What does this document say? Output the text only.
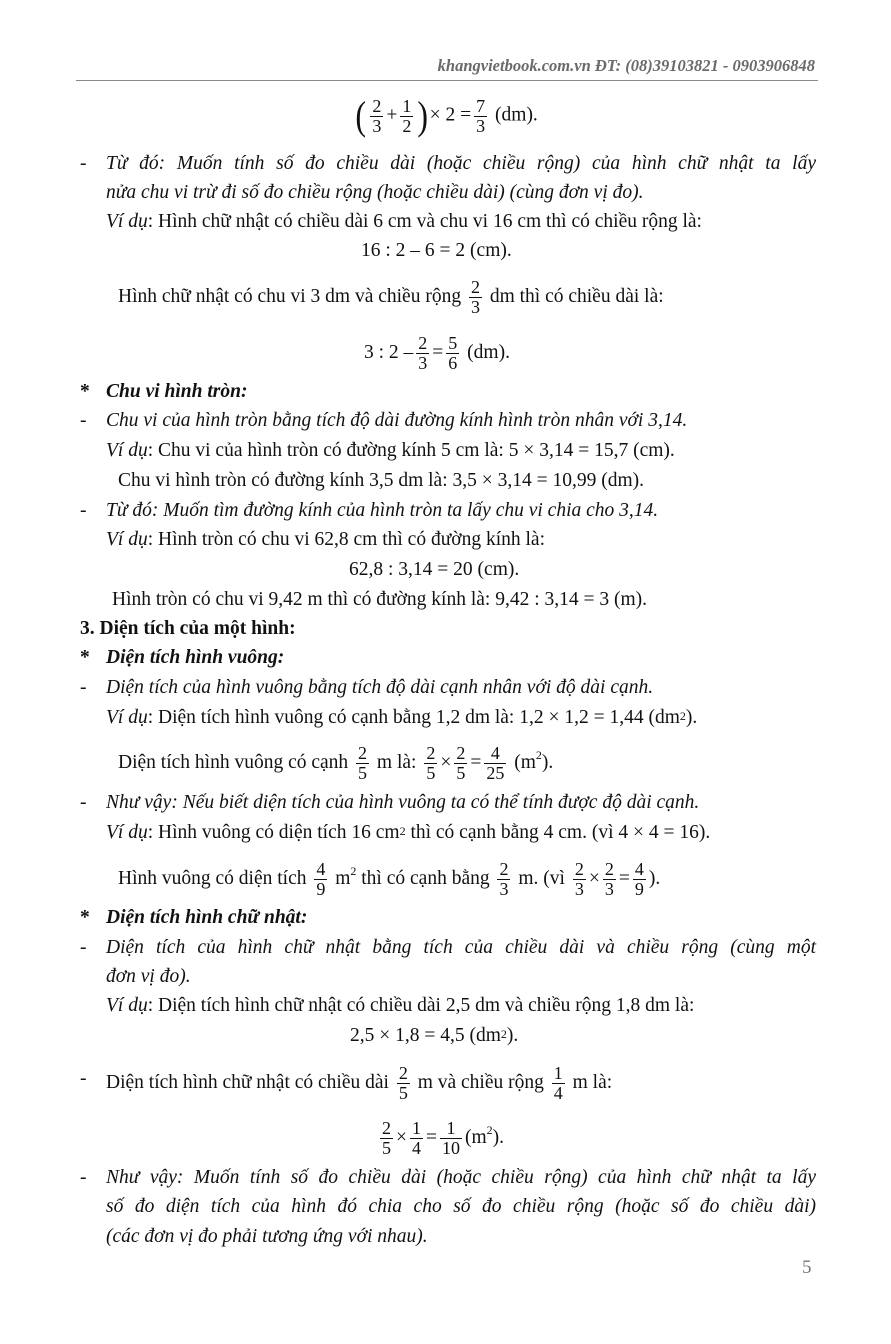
khangvietbook.com.vn ĐT: (08)39103821 - 0903906848
( $\frac{2}{3} + \frac{1}{2}$ )× $2 = \frac{7}{3} (dm)$.
- Từ đó: Muốn tính số đo chiều dài (hoặc chiều rộng) của hình chữ nhật ta lấy
nửa chu vi trừ đi số đo chiều rộng (hoặc chiều dài) (cùng đơn vị đo).
Ví dụ: Hình chữ nhật có chiều dài 6 cm và chu vi 16 cm thì có chiều rộng là:
16 : 2 – 6 = 2 (cm).
Hình chữ nhật có chu vi 3 dm và chiều rộng $\frac{2}{3}$ dm thì có chiều dài là:
3 : $2 - \frac{2}{3} = \frac{5}{6} (dm)$.
* Chu vi hình tròn:
- Chu vi của hình tròn bằng tích độ dài đường kính hình tròn nhân với 3,14.
Ví dụ: Chu vi của hình tròn có đường kính 5 cm là: 5 × 3,14 = 15,7 (cm).
Chu vi hình tròn có đường kính 3,5 dm là: 3,5 × 3,14 = 10,99 (dm).
- Từ đó: Muốn tìm đường kính của hình tròn ta lấy chu vi chia cho 3,14.
Ví dụ: Hình tròn có chu vi 62,8 cm thì có đường kính là:
62,8 : 3,14 = 20 (cm).
Hình tròn có chu vi 9,42 m thì có đường kính là: 9,42 : 3,14 = 3 (m).
3. Diện tích của một hình:
* Diện tích hình vuông:
- Diện tích của hình vuông bằng tích độ dài cạnh nhân với độ dài cạnh.
Ví dụ: Diện tích hình vuông có cạnh bằng 1,2 dm là: 1,2 × 1,2 = 1,44 $(dm^2)$.
Diện tích hình vuông có cạnh $\frac{2}{5}$ m là: $\frac{2}{5} \times \frac{2}{5} = \frac{4}{25} (m^2)$.
- Như vậy: Nếu biết diện tích của hình vuông ta có thể tính được độ dài cạnh.
Ví dụ: Hình vuông có diện tích 16 $cm^2$ thì có cạnh bằng 4 cm. (vì 4 × 4 = 16).
Hình vuông có diện tích $\frac{4}{9} m^2$ thì có cạnh bằng $\frac{2}{3} m$. (vì $\frac{2}{3} \times \frac{2}{3} = \frac{4}{9}$ ).
* Diện tích hình chữ nhật:
- Diện tích của hình chữ nhật bằng tích của chiều dài và chiều rộng (cùng một
đơn vị đo).
Ví dụ: Diện tích hình chữ nhật có chiều dài 2,5 dm và chiều rộng 1,8 dm là:
2,5 × 1,8 = 4,5 $(dm^2)$.
- Diện tích hình chữ nhật có chiều dài $\frac{2}{5}$ m và chiều rộng $\frac{1}{4}$ m là:
$\frac{2}{5} \times \frac{1}{4} = \frac{1}{10} (m^2)$.
- Như vậy: Muốn tính số đo chiều dài (hoặc chiều rộng) của hình chữ nhật ta lấy
số đo diện tích của hình đó chia cho số đo chiều rộng (hoặc số đo chiều dài)
(các đơn vị đo phải tương ứng với nhau).
5
